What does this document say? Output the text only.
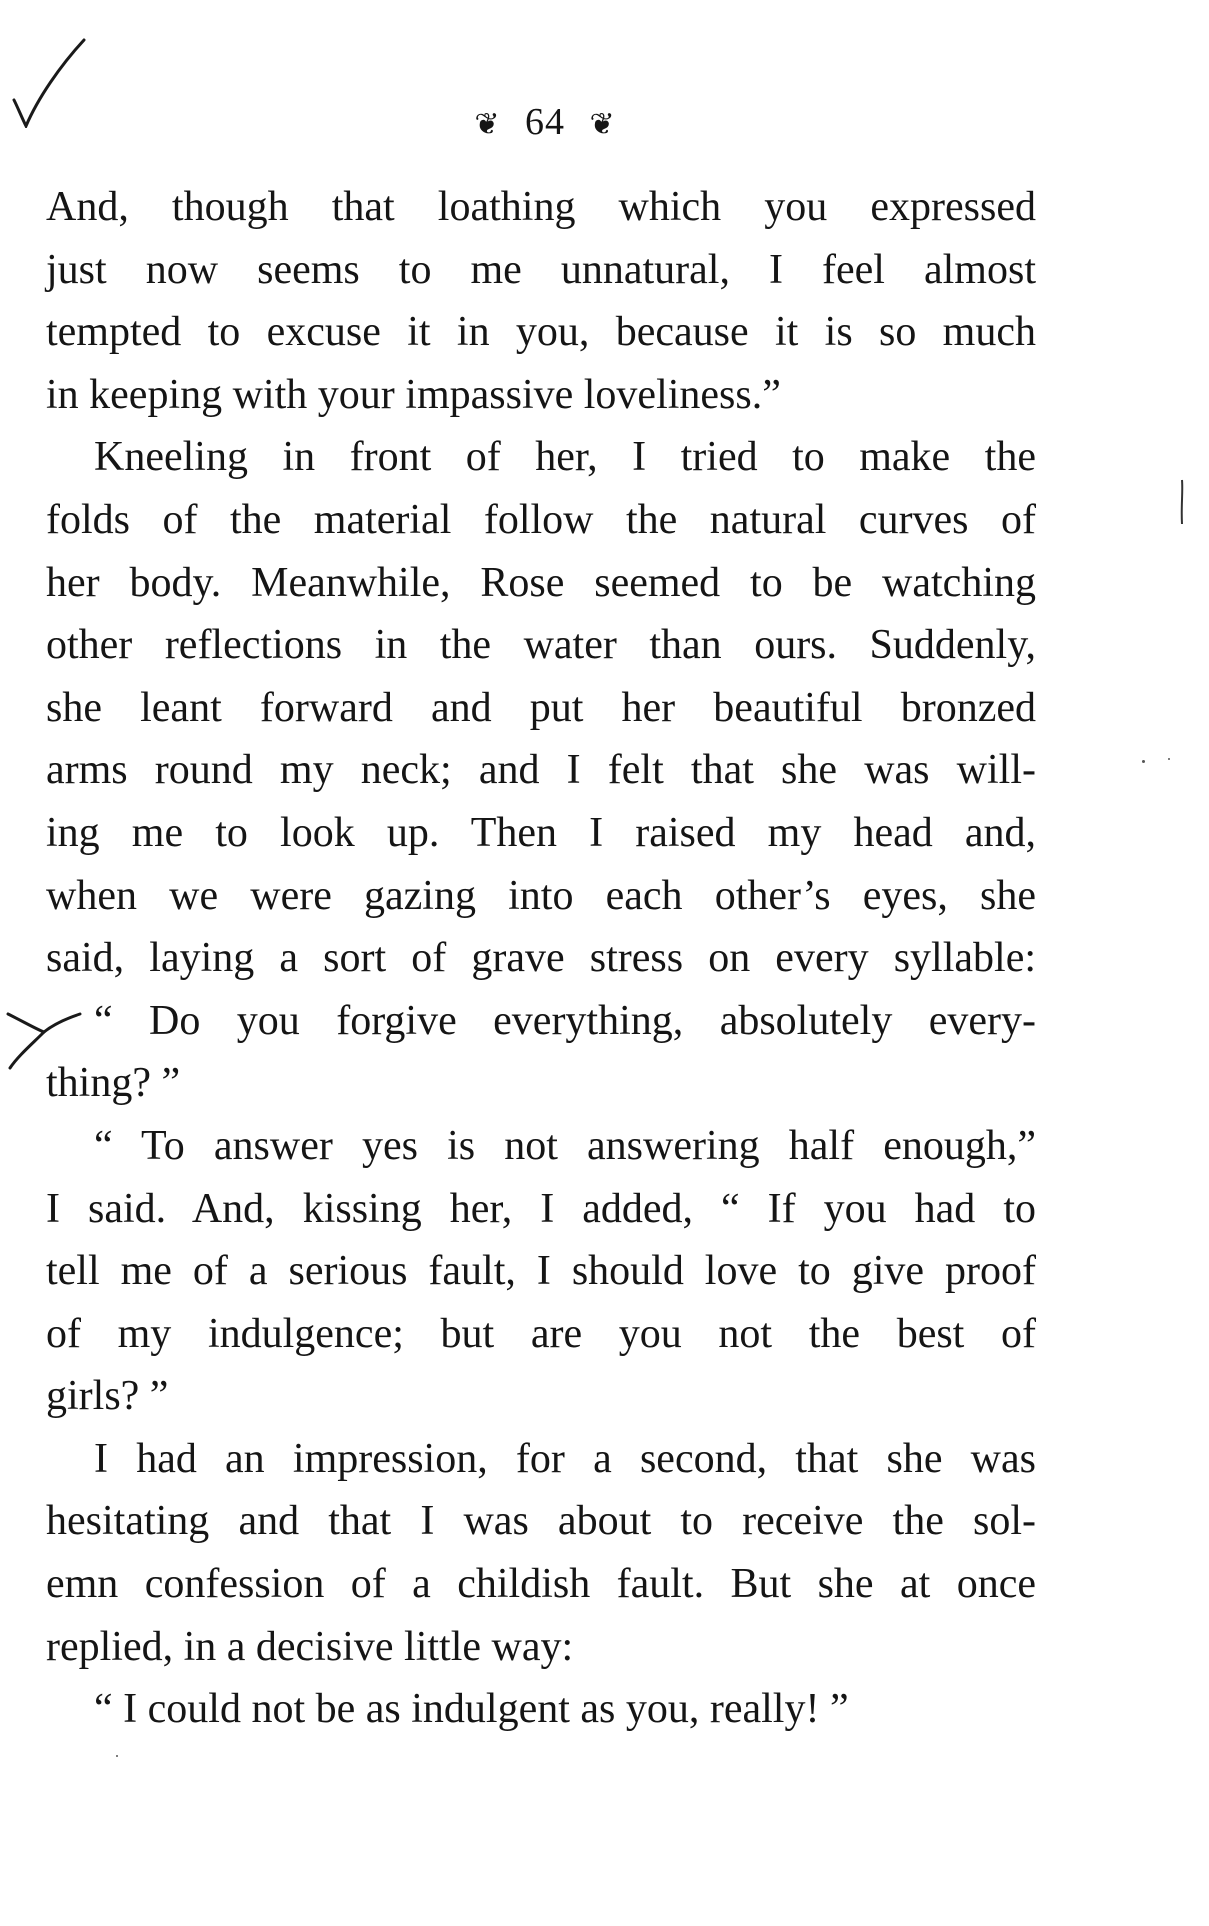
❦ 64 ❦
And, though that loathing which you expressed
just now seems to me unnatural, I feel almost
tempted to excuse it in you, because it is so much
in keeping with your impassive loveliness.”
Kneeling in front of her, I tried to make the
folds of the material follow the natural curves of
her body. Meanwhile, Rose seemed to be watching
other reflections in the water than ours. Suddenly,
she leant forward and put her beautiful bronzed
arms round my neck; and I felt that she was will-
ing me to look up. Then I raised my head and,
when we were gazing into each other’s eyes, she
said, laying a sort of grave stress on every syllable:
“ Do you forgive everything, absolutely every-
thing? ”
“ To answer yes is not answering half enough,”
I said. And, kissing her, I added, “ If you had to
tell me of a serious fault, I should love to give proof
of my indulgence; but are you not the best of
girls? ”
I had an impression, for a second, that she was
hesitating and that I was about to receive the sol-
emn confession of a childish fault. But she at once
replied, in a decisive little way:
“ I could not be as indulgent as you, really! ”
